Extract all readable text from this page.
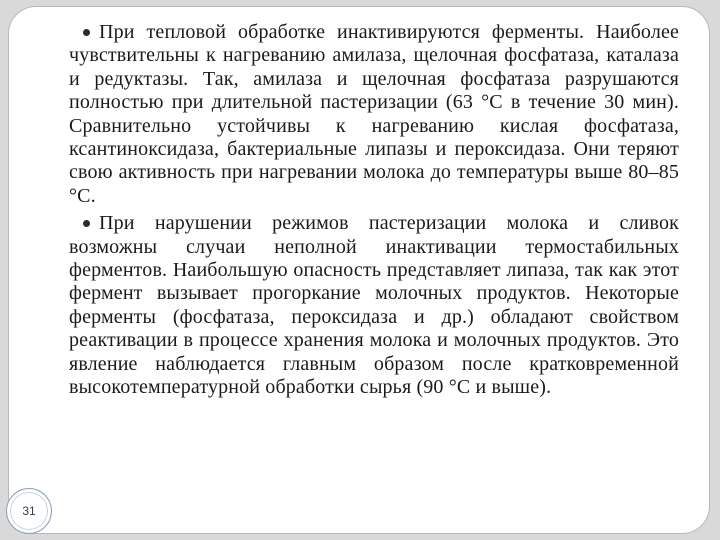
При тепловой обработке инактивируются ферменты. Наиболее чувствительны к нагреванию амилаза, щелочная фосфатаза, каталаза и редуктазы. Так, амилаза и щелочная фосфатаза разрушаются полностью при длительной пастеризации (63 °С в течение 30 мин). Сравнительно устойчивы к нагреванию кислая фосфатаза, ксантиноксидаза, бактериальные липазы и пероксидаза. Они теряют свою активность при нагревании молока до температуры выше 80–85 °С.

При нарушении режимов пастеризации молока и сливок возможны случаи неполной инактивации термостабильных ферментов. Наибольшую опасность представляет липаза, так как этот фермент вызывает прогоркание молочных продуктов. Некоторые ферменты (фосфатаза, пероксидаза и др.) обладают свойством реактивации в процессе хранения молока и молочных продуктов. Это явление наблюдается главным образом после кратковременной высокотемпературной обработки сырья (90 °С и выше).

31
